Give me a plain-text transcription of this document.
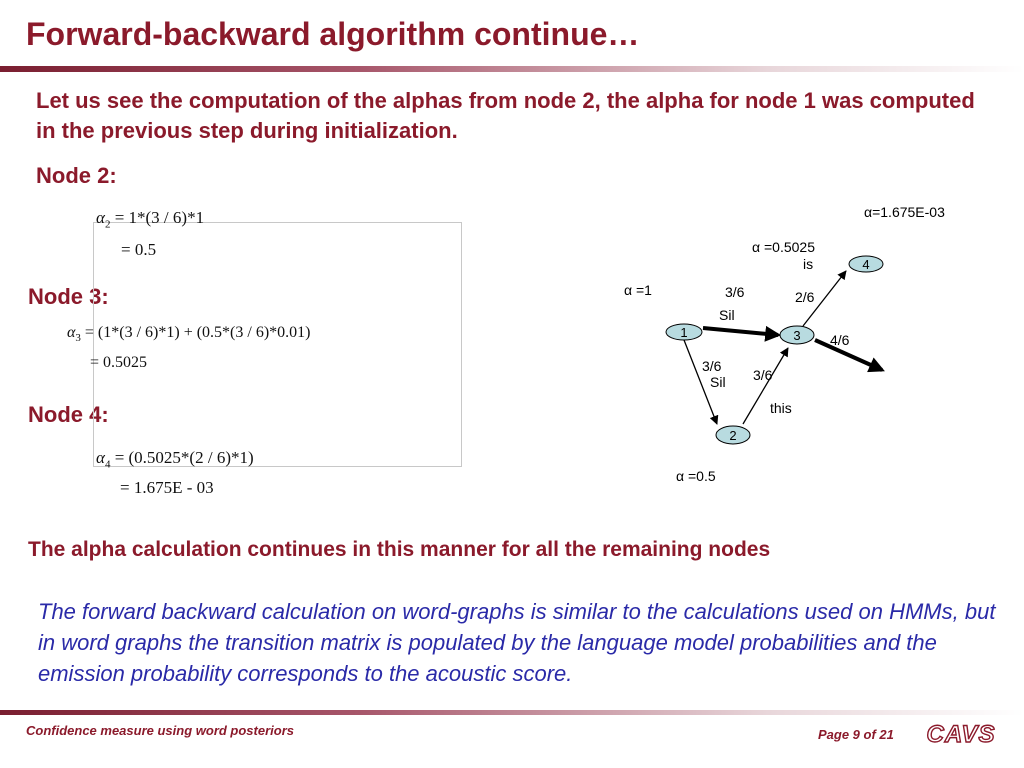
Forward-backward algorithm continue…
Let us see the computation of the alphas from node 2, the alpha for node 1 was computed in the previous step during initialization.
Node 2:
Node 3:
Node 4:
$\alpha_2 = 1*(3 / 6)*1$
= 0.5
$\alpha_3 = (1*(3 / 6)*1) + (0.5*(3 / 6)*0.01)$
= 0.5025
$\alpha_4 = (0.5025*(2 / 6)*1)$
= 1.675E - 03
1
2
3
4
α=1.675E-03
α =0.5025
α =1
α =0.5
is
3/6	2/6
Sil
4/6
3/6
3/6
Sil
this
The alpha calculation continues in this manner for all the remaining nodes
The forward backward calculation on word-graphs is similar to the calculations used on HMMs, but in word graphs the transition matrix is populated by the language model probabilities and the emission probability corresponds to the acoustic score.
Confidence measure using word posteriors	Page 9 of 21 CAVS
